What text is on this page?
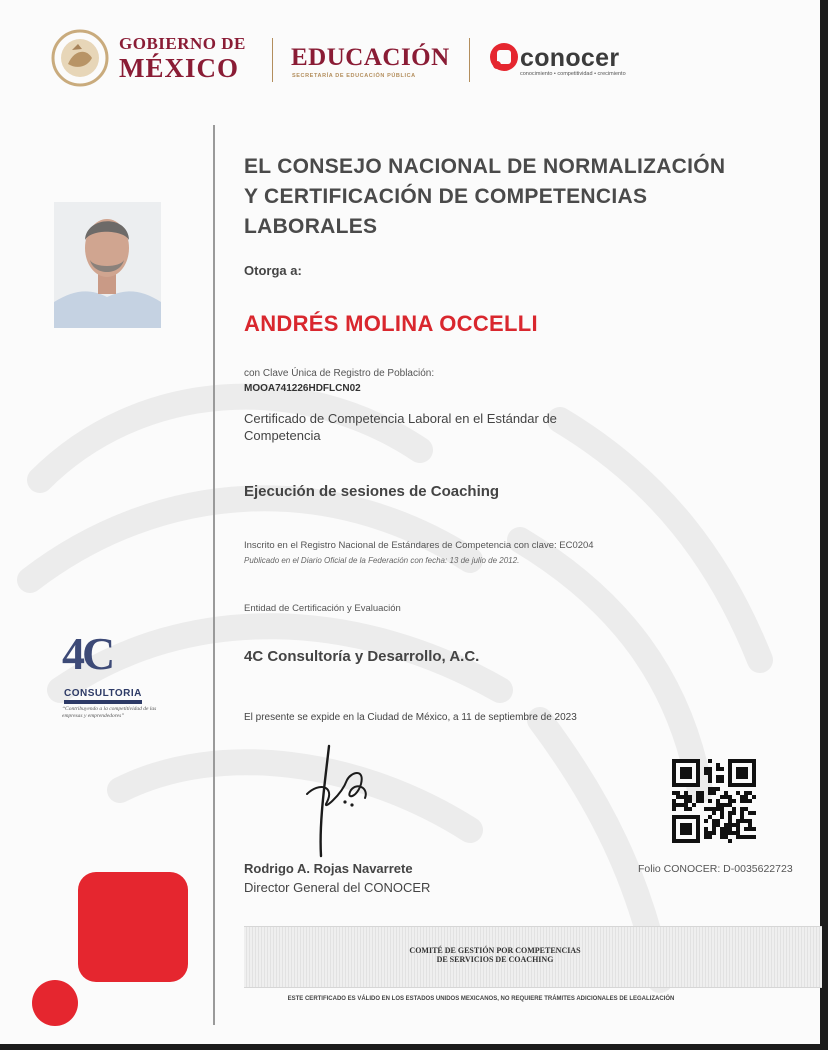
GOBIERNO DE
MÉXICO	EDUCACIÓN
SECRETARÍA DE EDUCACIÓN PÚBLICA
conocer
conocimiento • competitividad • crecimiento
EL CONSEJO NACIONAL DE NORMALIZACIÓN Y CERTIFICACIÓN DE COMPETENCIAS LABORALES
Otorga a:
ANDRÉS MOLINA OCCELLI
con Clave Única de Registro de Población:
MOOA741226HDFLCN02
Certificado de Competencia Laboral en el Estándar de Competencia
Ejecución de sesiones de Coaching
Inscrito en el Registro Nacional de Estándares de Competencia con clave: EC0204
Publicado en el Diario Oficial de la Federación con fecha: 13 de julio de 2012.
Entidad de Certificación y Evaluación
4C Consultoría y Desarrollo, A.C.
El presente se expide en la Ciudad de México, a 11 de septiembre de 2023
Rodrigo A. Rojas Navarrete
Director General del CONOCER
Folio CONOCER: D-0035622723
4C
CONSULTORIA
“Contribuyendo a la competitividad de las empresas y emprendedores”
COMITÉ DE GESTIÓN POR COMPETENCIAS
DE SERVICIOS DE COACHING
ESTE CERTIFICADO ES VÁLIDO EN LOS ESTADOS UNIDOS MEXICANOS, NO REQUIERE TRÁMITES ADICIONALES DE LEGALIZACIÓN
